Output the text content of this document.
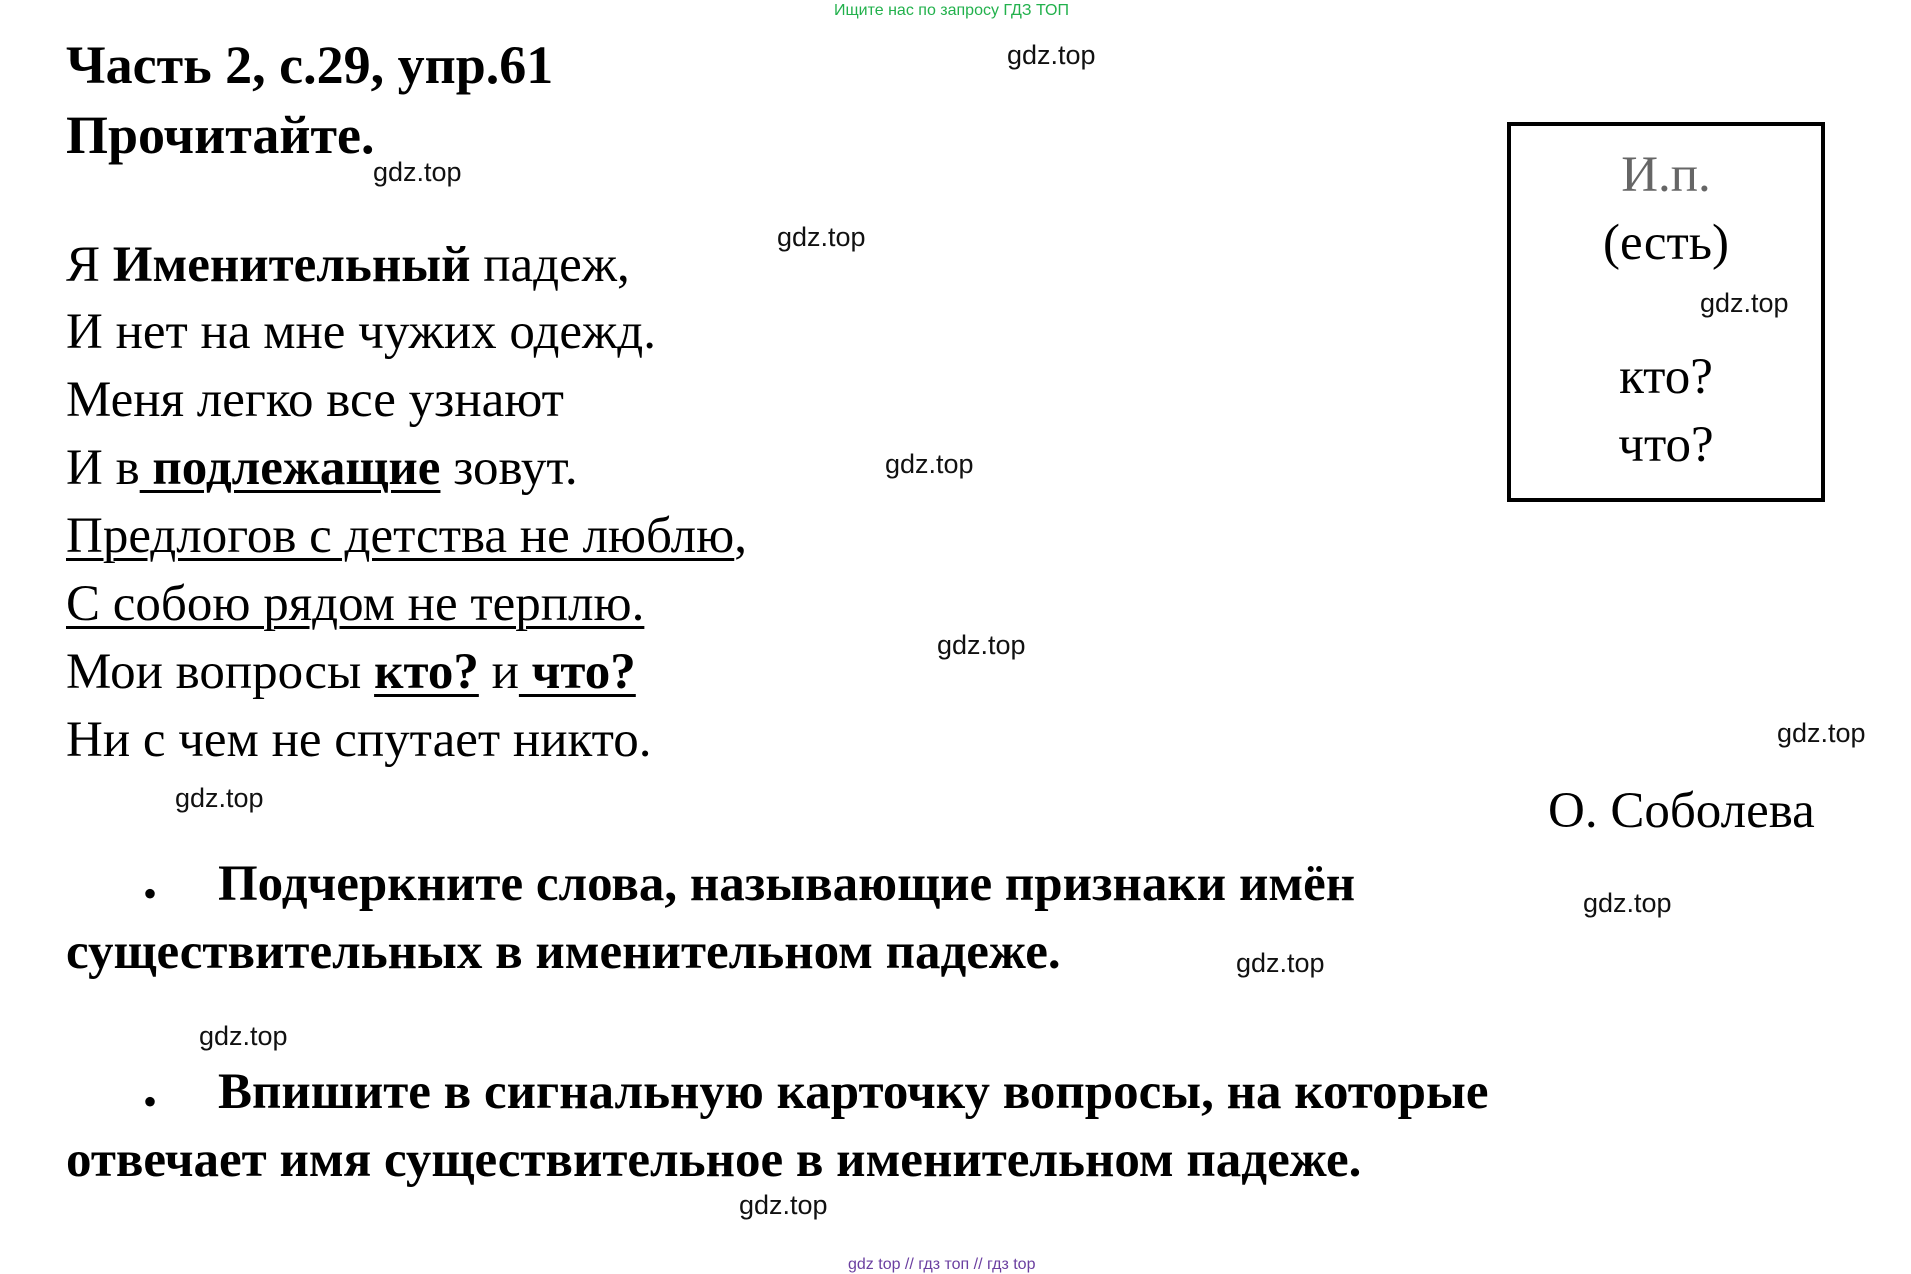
Ищите нас по запросу ГДЗ ТОП
Часть 2, с.29, упр.61
Прочитайте.
Я Именительный падеж,
И нет на мне чужих одежд.
Меня легко все узнают
И в подлежащие зовут.
Предлогов с детства не люблю,
С собою рядом не терплю.
Мои вопросы кто? и что?
Ни с чем не спутает никто.
И.п.
(есть)
кто?
что?
О. Соболева
• Подчеркните слова, называющие признаки имён
существительных в именительном падеже.
• Впишите в сигнальную карточку вопросы, на которые
отвечает имя существительное в именительном падеже.
gdz.top
gdz.top
gdz.top
gdz.top
gdz.top
gdz.top
gdz.top
gdz.top
gdz.top
gdz.top
gdz.top
gdz.top
gdz top // гдз топ // гдз top
